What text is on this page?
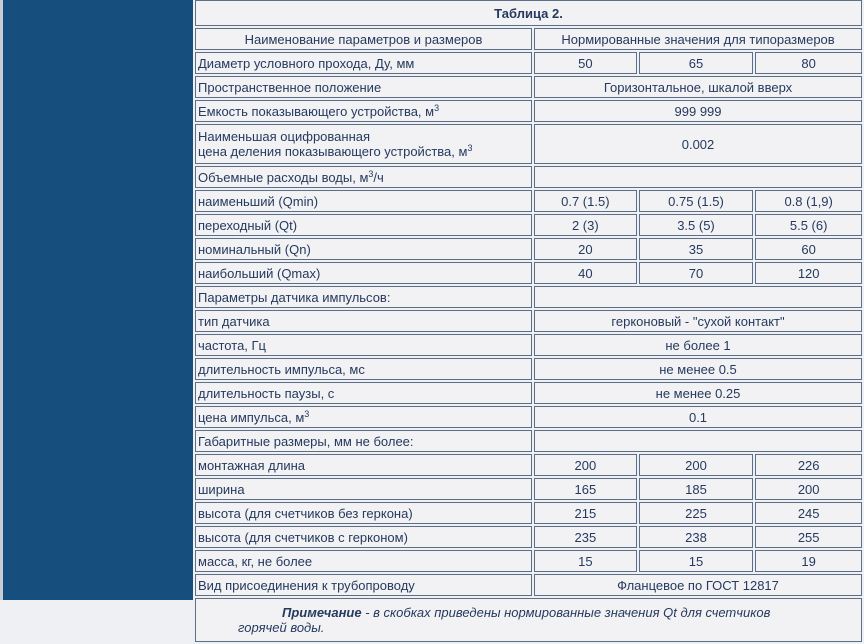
Таблица 2.			
Наименование параметров и размеров	Нормированные значения для типоразмеров		
Диаметр условного прохода, Ду, мм	50	65	80
Пространственное положение	Горизонтальное, шкалой вверх		
Емкость показывающего устройства, $м^3$	999 999		
Наименьшая оцифрованная
цена деления показывающего устройства, $м^3$	0.002		
Объемные расходы воды, $м^3/ч$			
наименьший (Qmin)	0.7 (1.5)	0.75 (1.5)	0.8 (1,9)
переходный (Qt)	2 (3)	3.5 (5)	5.5 (6)
номинальный (Qn)	20	35	60
наибольший (Qmax)	40	70	120
Параметры датчика импульсов:			
тип датчика	герконовый - "сухой контакт"		
частота, Гц	не более 1		
длительность импульса, мс	не менее 0.5		
длительность паузы, с	не менее 0.25		
цена импульса, $м^3$	0.1		
Габаритные размеры, мм не более:			
монтажная длина	200	200	226
ширина	165	185	200
высота (для счетчиков без геркона)	215	225	245
высота (для счетчиков с герконом)	235	238	255
масса, кг, не более	15	15	19
Вид присоединения к трубопроводу	Фланцевое по ГОСТ 12817		
Примечание - в скобках приведены нормированные значения Qt для счетчиков
горячей воды.			
